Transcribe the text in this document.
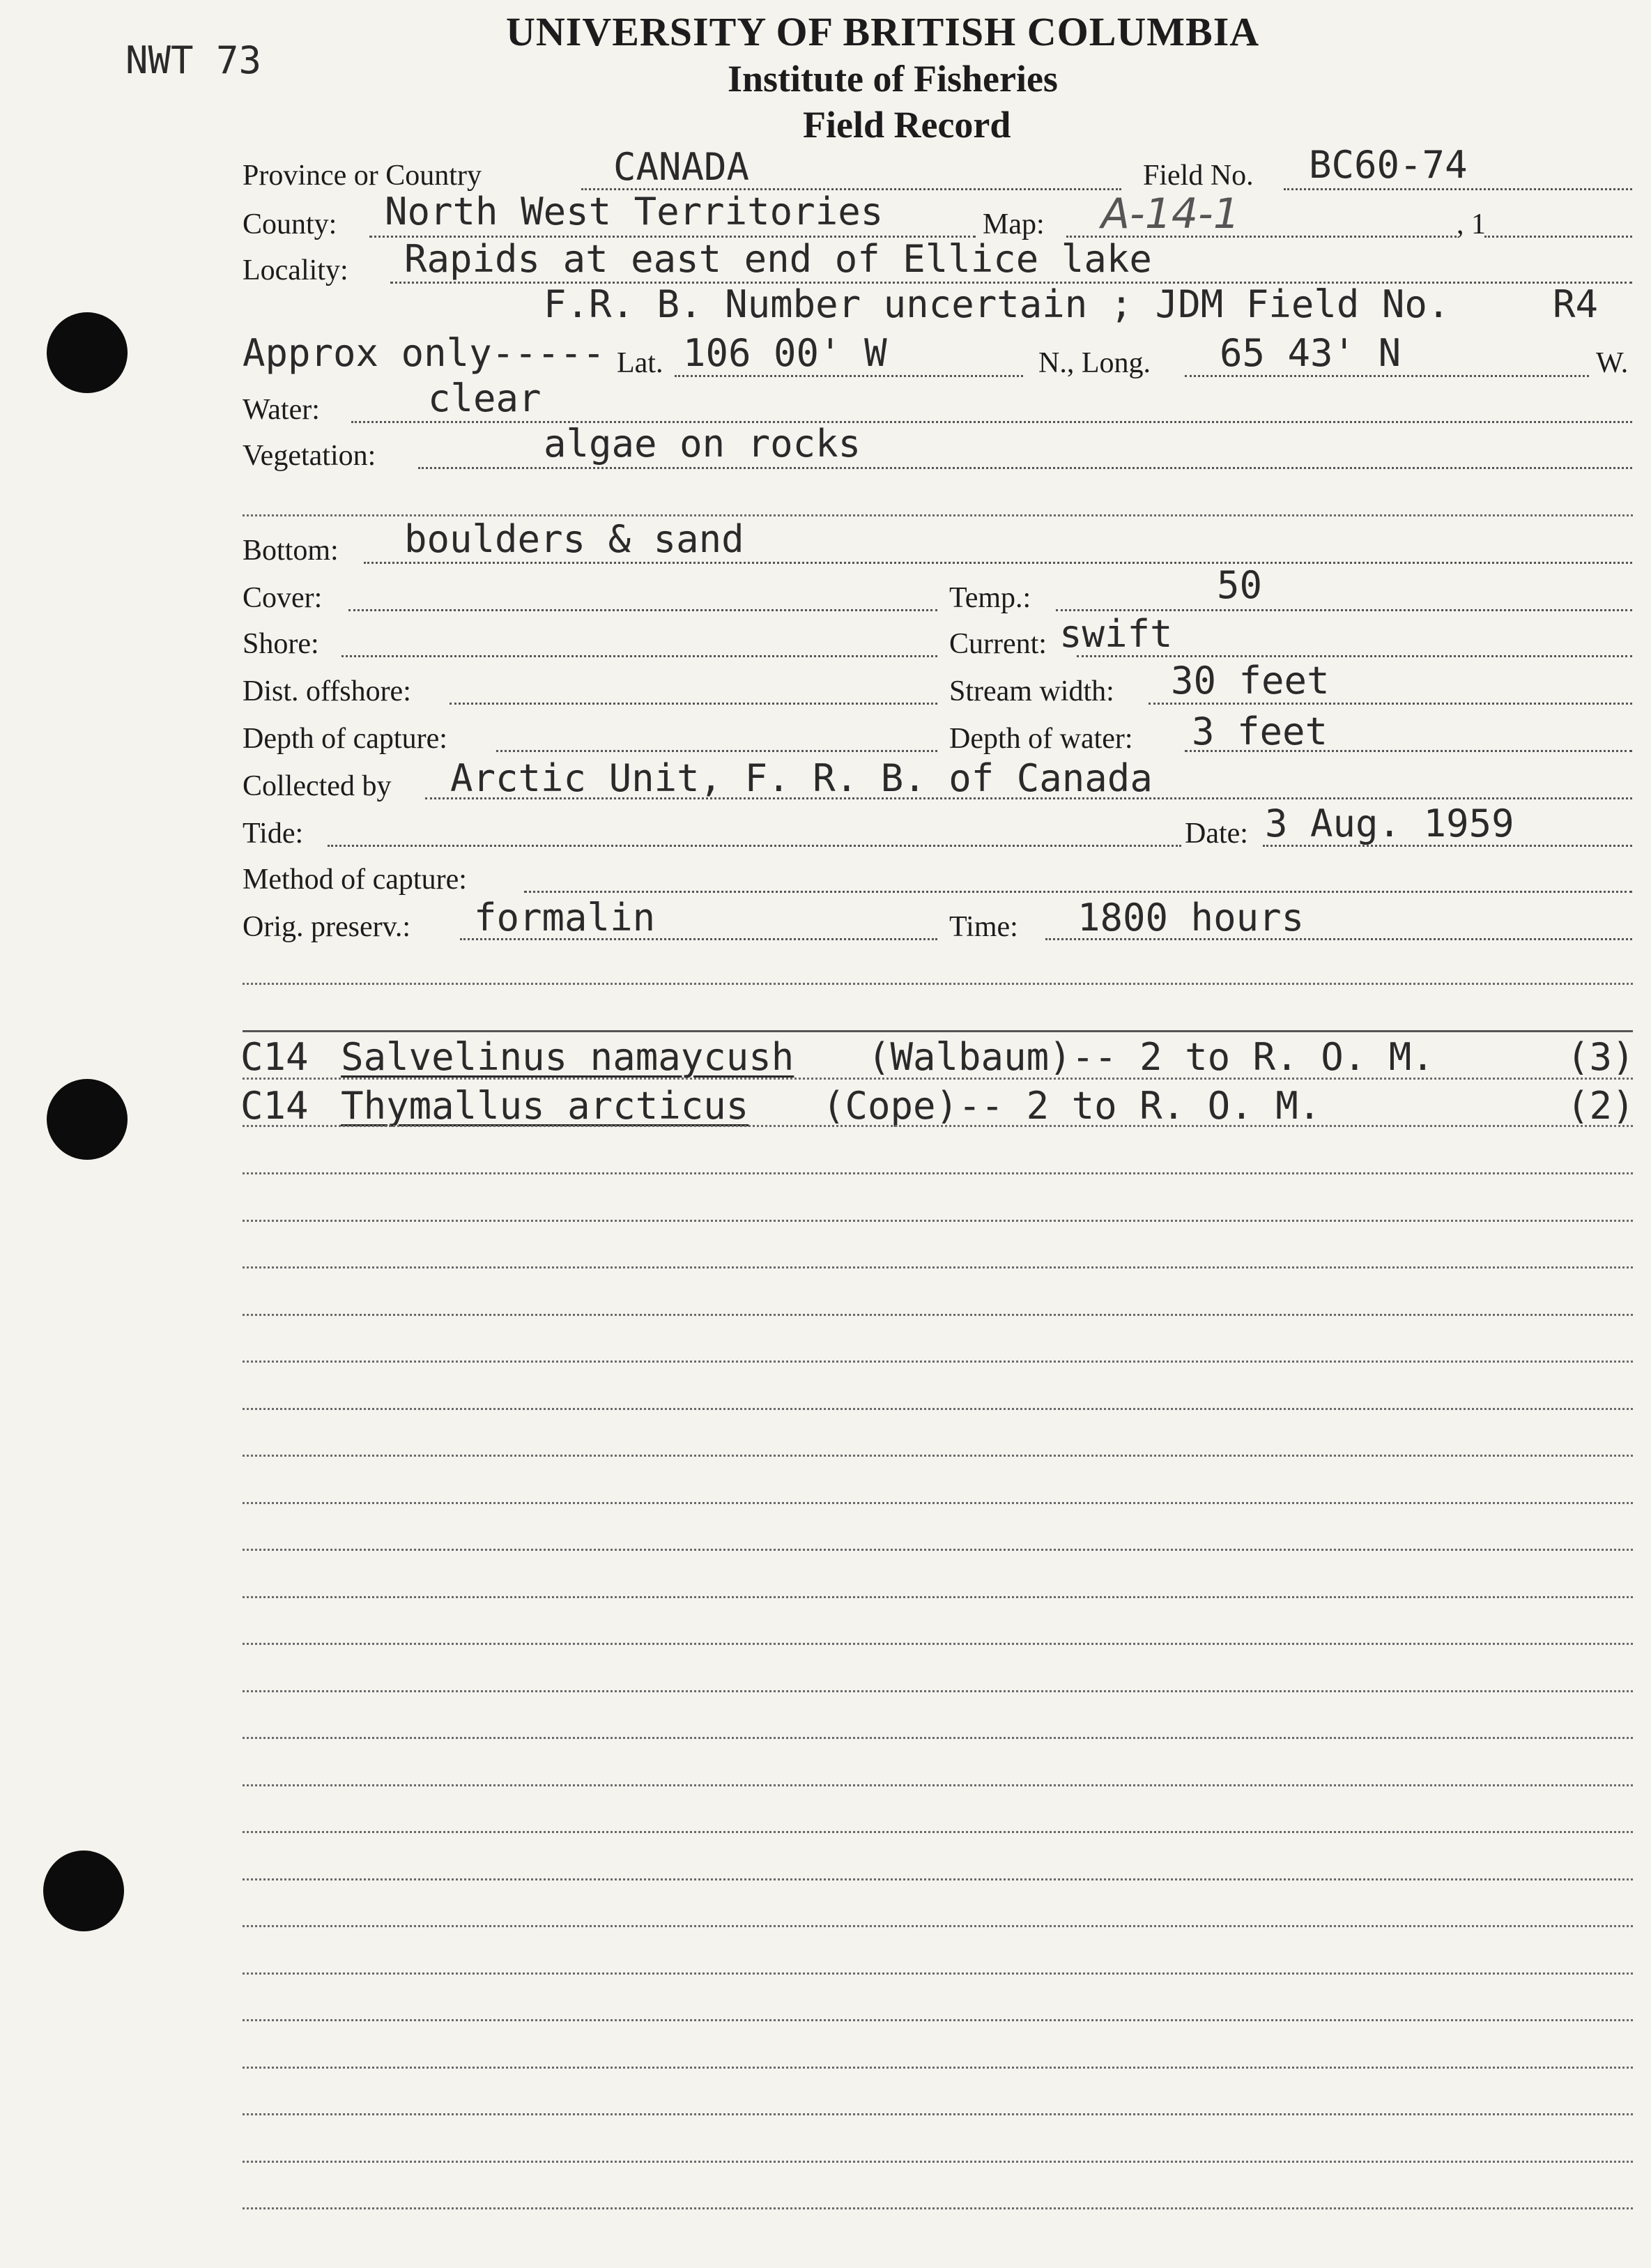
NWT 73
UNIVERSITY OF BRITISH COLUMBIA
Institute of Fisheries
Field Record
Province or Country	CANADA	Field No. BC60-74
County: North West Territories	Map: A-14-1	, 1
Locality: Rapids at east end of Ellice lake
F.R. B. Number uncertain ; JDM Field No.	R4
Approx only----- Lat. 106 00' W	N., Long. 65 43' N	W.
Water:	clear
Vegetation:	algae on rocks
Bottom: boulders & sand
Cover:	Temp.:	50
Shore:	Current: swift
Dist. offshore:	Stream width: 30 feet
Depth of capture:	Depth of water: 3 feet
Collected by Arctic Unit, F. R. B. of Canada
Tide:	Date: 3 Aug. 1959
Method of capture:
Orig. preserv.: formalin	Time: 1800 hours
C14 Salvelinus namaycush (Walbaum)-- 2 to R. O. M.	(3)
C14 Thymallus arcticus (Cope)-- 2 to R. O. M.	(2)
